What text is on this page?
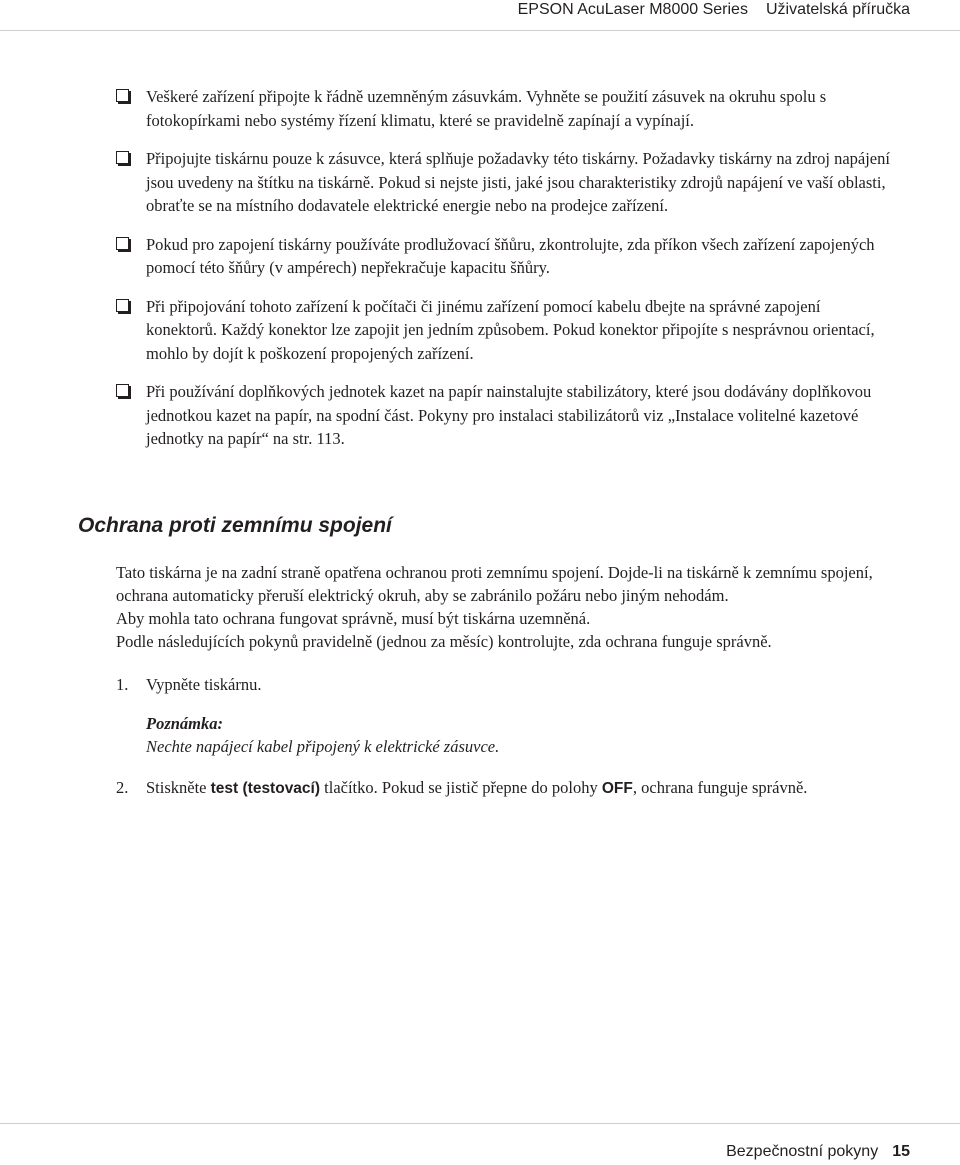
EPSON AcuLaser M8000 Series Uživatelská příručka
Veškeré zařízení připojte k řádně uzemněným zásuvkám. Vyhněte se použití zásuvek na okruhu spolu s fotokopírkami nebo systémy řízení klimatu, které se pravidelně zapínají a vypínají.
Připojujte tiskárnu pouze k zásuvce, která splňuje požadavky této tiskárny. Požadavky tiskárny na zdroj napájení jsou uvedeny na štítku na tiskárně. Pokud si nejste jisti, jaké jsou charakteristiky zdrojů napájení ve vaší oblasti, obraťte se na místního dodavatele elektrické energie nebo na prodejce zařízení.
Pokud pro zapojení tiskárny používáte prodlužovací šňůru, zkontrolujte, zda příkon všech zařízení zapojených pomocí této šňůry (v ampérech) nepřekračuje kapacitu šňůry.
Při připojování tohoto zařízení k počítači či jinému zařízení pomocí kabelu dbejte na správné zapojení konektorů. Každý konektor lze zapojit jen jedním způsobem. Pokud konektor připojíte s nesprávnou orientací, mohlo by dojít k poškození propojených zařízení.
Při používání doplňkových jednotek kazet na papír nainstalujte stabilizátory, které jsou dodávány doplňkovou jednotkou kazet na papír, na spodní část. Pokyny pro instalaci stabilizátorů viz „Instalace volitelné kazetové jednotky na papír“ na str. 113.
Ochrana proti zemnímu spojení

Tato tiskárna je na zadní straně opatřena ochranou proti zemnímu spojení. Dojde-li na tiskárně k zemnímu spojení, ochrana automaticky přeruší elektrický okruh, aby se zabránilo požáru nebo jiným nehodám.

Aby mohla tato ochrana fungovat správně, musí být tiskárna uzemněná.

Podle následujících pokynů pravidelně (jednou za měsíc) kontrolujte, zda ochrana funguje správně.

1. Vypněte tiskárnu.
Poznámka:
Nechte napájecí kabel připojený k elektrické zásuvce.
2. Stiskněte test (testovací) tlačítko. Pokud se jistič přepne do polohy OFF, ochrana funguje správně.
Bezpečnostní pokyny 15
